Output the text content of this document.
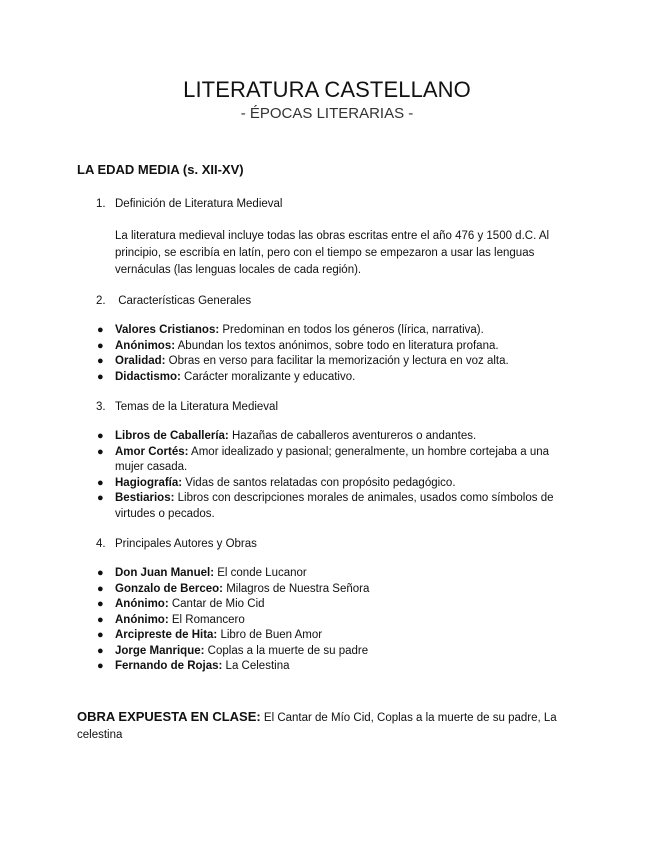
LITERATURA CASTELLANO

- ÉPOCAS LITERARIAS -

LA EDAD MEDIA (s. XII-XV)

1. Definición de Literatura Medieval

La literatura medieval incluye todas las obras escritas entre el año 476 y 1500 d.C. Al principio, se escribía en latín, pero con el tiempo se empezaron a usar las lenguas vernáculas (las lenguas locales de cada región).

2. Características Generales

● Valores Cristianos: Predominan en todos los géneros (lírica, narrativa).
● Anónimos: Abundan los textos anónimos, sobre todo en literatura profana.
● Oralidad: Obras en verso para facilitar la memorización y lectura en voz alta.
● Didactismo: Carácter moralizante y educativo.

3. Temas de la Literatura Medieval

● Libros de Caballería: Hazañas de caballeros aventureros o andantes.
● Amor Cortés: Amor idealizado y pasional; generalmente, un hombre cortejaba a una mujer casada.
● Hagiografía: Vidas de santos relatadas con propósito pedagógico.
● Bestiarios: Libros con descripciones morales de animales, usados como símbolos de virtudes o pecados.

4. Principales Autores y Obras

● Don Juan Manuel: El conde Lucanor
● Gonzalo de Berceo: Milagros de Nuestra Señora
● Anónimo: Cantar de Mio Cid
● Anónimo: El Romancero
● Arcipreste de Hita: Libro de Buen Amor
● Jorge Manrique: Coplas a la muerte de su padre
● Fernando de Rojas: La Celestina

OBRA EXPUESTA EN CLASE: El Cantar de Mío Cid, Coplas a la muerte de su padre, La celestina
